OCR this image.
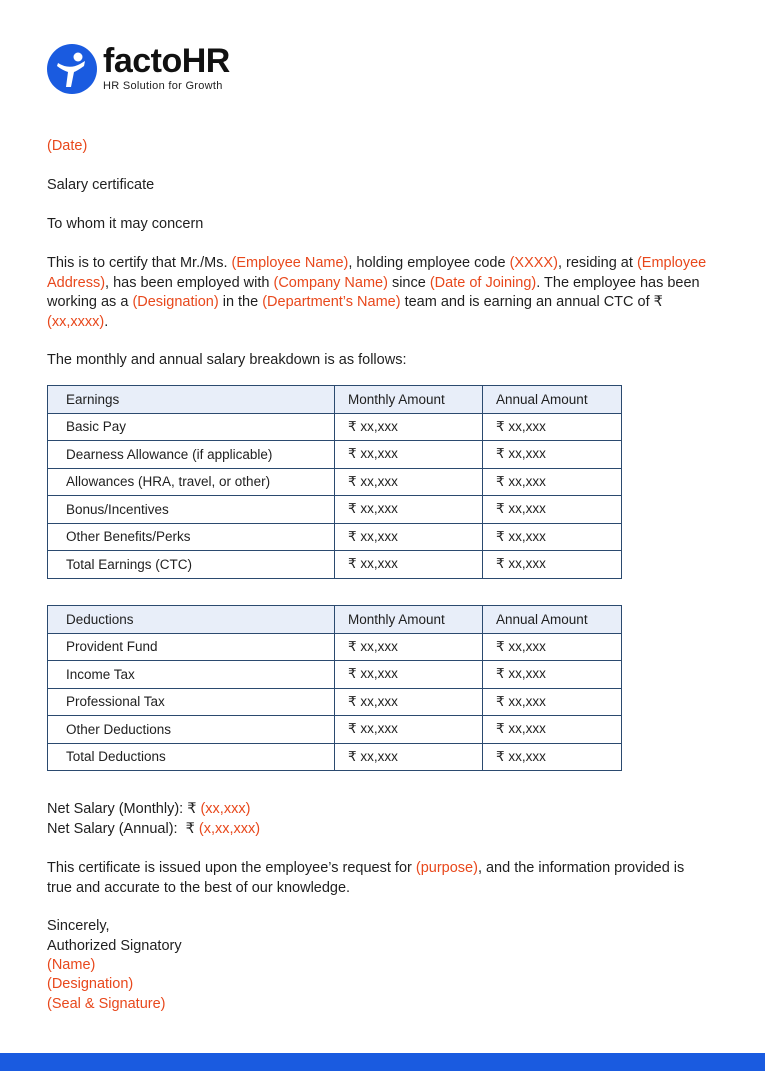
factoHR
HR Solution for Growth
(Date)
Salary certificate
To whom it may concern
This is to certify that Mr./Ms. (Employee Name), holding employee code (XXXX), residing at (Employee Address), has been employed with (Company Name) since (Date of Joining). The employee has been working as a (Designation) in the (Department’s Name) team and is earning an annual CTC of ₹ (xx,xxxx).
The monthly and annual salary breakdown is as follows:
Earnings	Monthly Amount	Annual Amount
Basic Pay	₹ xx,xxx	₹ xx,xxx
Dearness Allowance (if applicable)	₹ xx,xxx	₹ xx,xxx
Allowances (HRA, travel, or other)	₹ xx,xxx	₹ xx,xxx
Bonus/Incentives	₹ xx,xxx	₹ xx,xxx
Other Benefits/Perks	₹ xx,xxx	₹ xx,xxx
Total Earnings (CTC)	₹ xx,xxx	₹ xx,xxx
Deductions	Monthly Amount	Annual Amount
Provident Fund	₹ xx,xxx	₹ xx,xxx
Income Tax	₹ xx,xxx	₹ xx,xxx
Professional Tax	₹ xx,xxx	₹ xx,xxx
Other Deductions	₹ xx,xxx	₹ xx,xxx
Total Deductions	₹ xx,xxx	₹ xx,xxx
Net Salary (Monthly): ₹ (xx,xxx)
Net Salary (Annual):  ₹ (x,xx,xxx)
This certificate is issued upon the employee’s request for (purpose), and the information provided is true and accurate to the best of our knowledge.
Sincerely,
Authorized Signatory
(Name)
(Designation)
(Seal & Signature)
